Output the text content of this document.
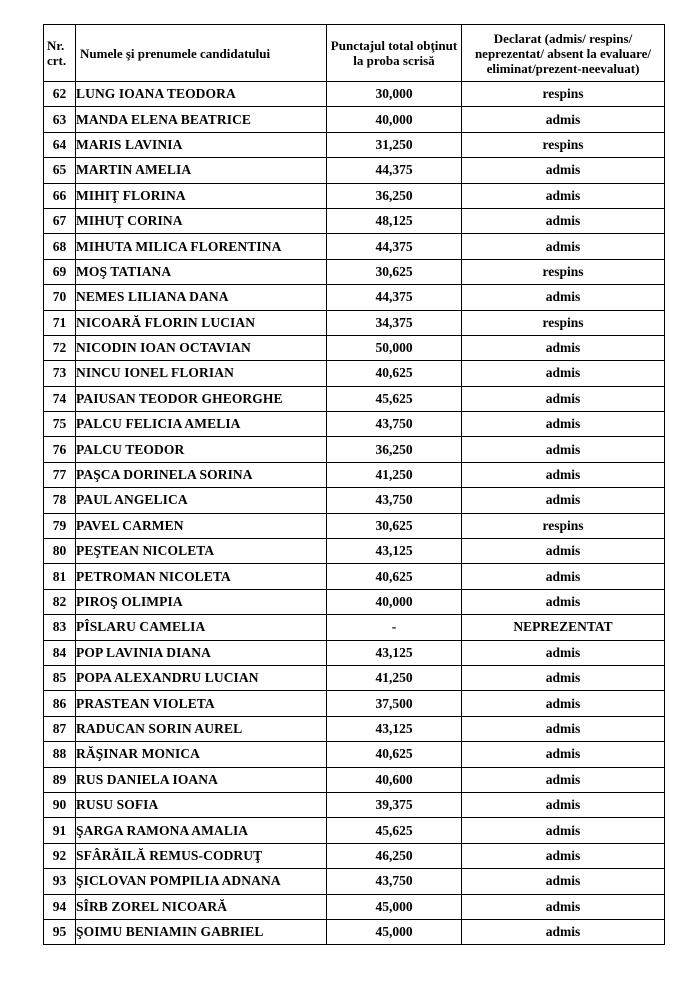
Nr. crt.	Numele şi prenumele candidatului	Punctajul total obţinut la proba scrisă	Declarat (admis/ respins/ neprezentat/ absent la evaluare/ eliminat/prezent-neevaluat)
62	LUNG IOANA TEODORA	30,000	respins
63	MANDA ELENA BEATRICE	40,000	admis
64	MARIS LAVINIA	31,250	respins
65	MARTIN AMELIA	44,375	admis
66	MIHIŢ FLORINA	36,250	admis
67	MIHUŢ CORINA	48,125	admis
68	MIHUTA MILICA FLORENTINA	44,375	admis
69	MOŞ TATIANA	30,625	respins
70	NEMES LILIANA DANA	44,375	admis
71	NICOARĂ FLORIN LUCIAN	34,375	respins
72	NICODIN IOAN OCTAVIAN	50,000	admis
73	NINCU IONEL FLORIAN	40,625	admis
74	PAIUSAN TEODOR GHEORGHE	45,625	admis
75	PALCU FELICIA AMELIA	43,750	admis
76	PALCU TEODOR	36,250	admis
77	PAŞCA DORINELA SORINA	41,250	admis
78	PAUL ANGELICA	43,750	admis
79	PAVEL CARMEN	30,625	respins
80	PEŞTEAN NICOLETA	43,125	admis
81	PETROMAN NICOLETA	40,625	admis
82	PIROŞ OLIMPIA	40,000	admis
83	PÎSLARU CAMELIA	-	NEPREZENTAT
84	POP LAVINIA DIANA	43,125	admis
85	POPA ALEXANDRU LUCIAN	41,250	admis
86	PRASTEAN VIOLETA	37,500	admis
87	RADUCAN SORIN AUREL	43,125	admis
88	RĂŞINAR MONICA	40,625	admis
89	RUS DANIELA IOANA	40,600	admis
90	RUSU SOFIA	39,375	admis
91	ŞARGA RAMONA AMALIA	45,625	admis
92	SFÂRĂILĂ REMUS-CODRUŢ	46,250	admis
93	ŞICLOVAN POMPILIA ADNANA	43,750	admis
94	SÎRB ZOREL NICOARĂ	45,000	admis
95	ŞOIMU BENIAMIN GABRIEL	45,000	admis
